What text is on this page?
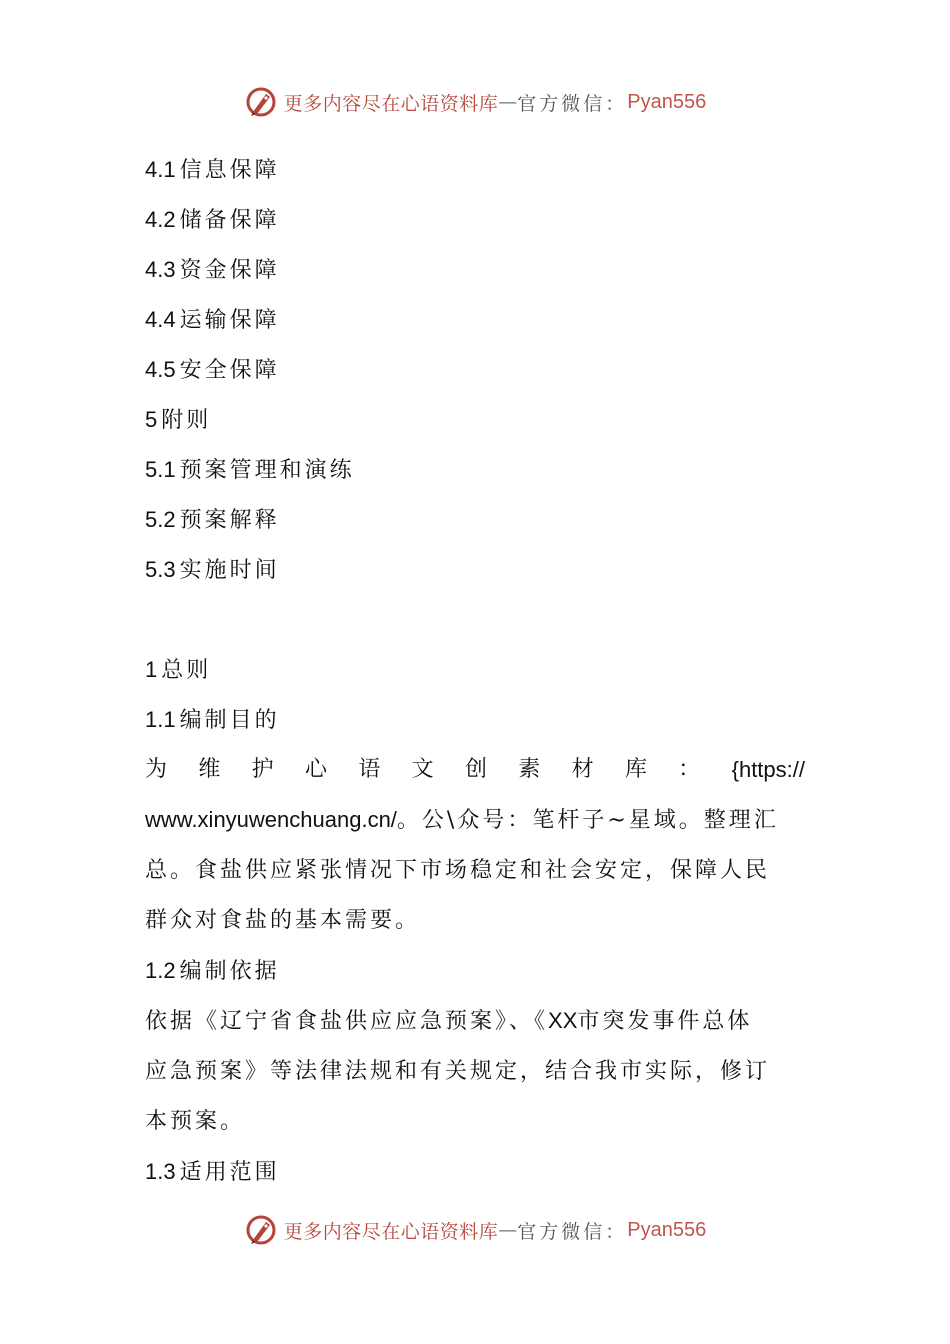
更多内容尽在心语资料库 — 官方微信： Pyan556
4.1 信息保障
4.2 储备保障
4.3 资金保障
4.4 运输保障
4.5 安全保障
5 附则
5.1 预案管理和演练
5.2 预案解释
5.3 实施时间
1 总则
1.1 编制目的
为 维 护 心 语 文 创 素 材 库 ： {https://
www.xinyuwenchuang.cn/。公\众号：笔杆子~星域。整理汇
总。食盐供应紧张情况下市场稳定和社会安定，保障人民
群众对食盐的基本需要。
1.2 编制依据
依据《辽宁省食盐供应应急预案》、《XX市突发事件总体
应急预案》等法律法规和有关规定，结合我市实际，修订
本预案。
1.3 适用范围
更多内容尽在心语资料库 — 官方微信： Pyan556
